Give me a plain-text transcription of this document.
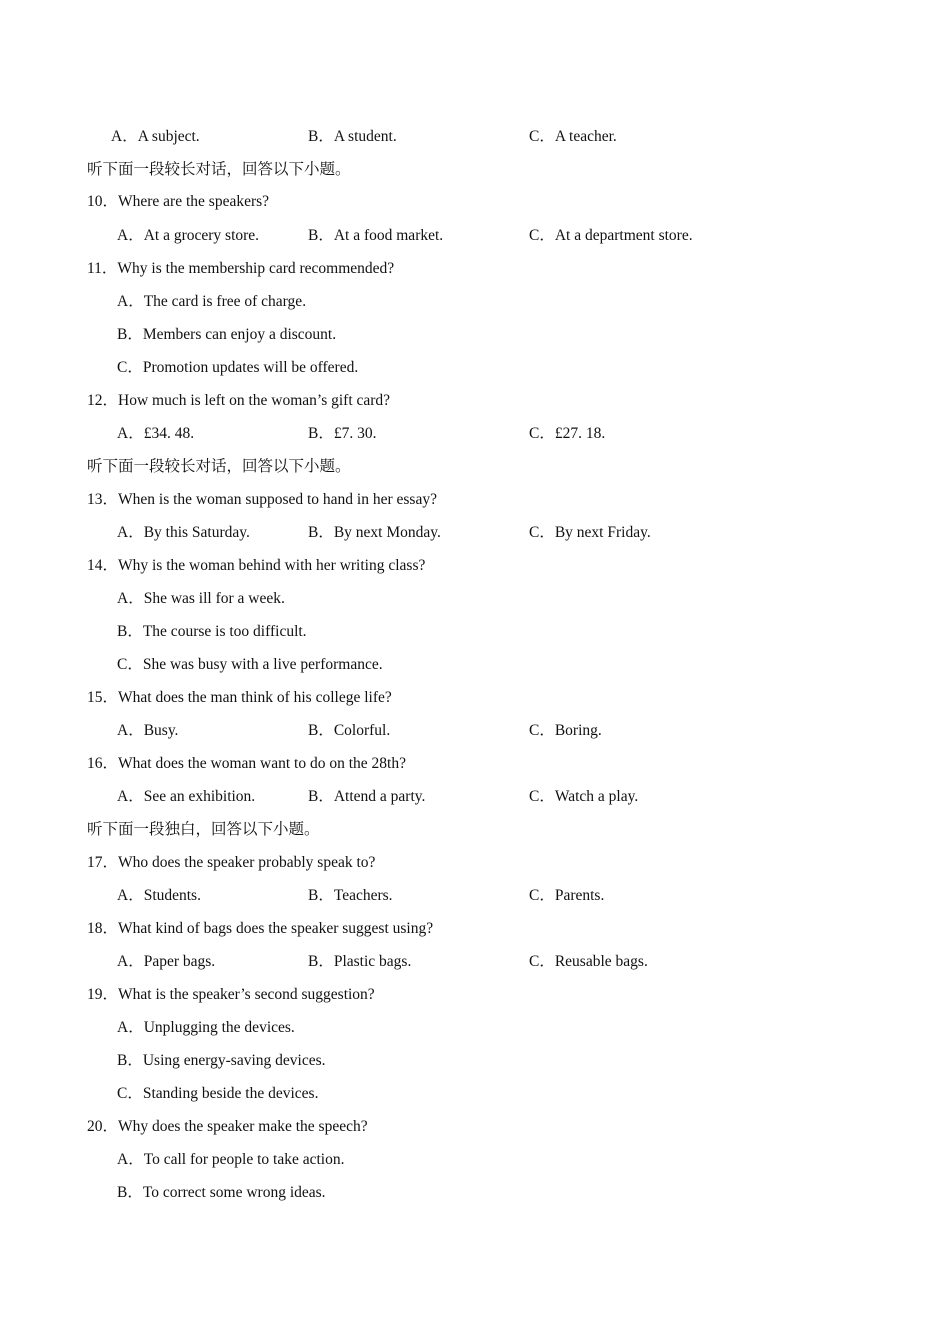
A．A subject.	B．A student.	C．A teacher.
听下面一段较长对话，回答以下小题。
10．Where are the speakers?
A．At a grocery store.	B．At a food market.	C．At a department store.
11．Why is the membership card recommended?
A．The card is free of charge.
B．Members can enjoy a discount.
C．Promotion updates will be offered.
12．How much is left on the woman’s gift card?
A．£34. 48.	B．£7. 30.	C．£27. 18.
听下面一段较长对话，回答以下小题。
13．When is the woman supposed to hand in her essay?
A．By this Saturday.	B．By next Monday.	C．By next Friday.
14．Why is the woman behind with her writing class?
A．She was ill for a week.
B．The course is too difficult.
C．She was busy with a live performance.
15．What does the man think of his college life?
A．Busy.	B．Colorful.	C．Boring.
16．What does the woman want to do on the 28th?
A．See an exhibition.	B．Attend a party.	C．Watch a play.
听下面一段独白，回答以下小题。
17．Who does the speaker probably speak to?
A．Students.	B．Teachers.	C．Parents.
18．What kind of bags does the speaker suggest using?
A．Paper bags.	B．Plastic bags.	C．Reusable bags.
19．What is the speaker’s second suggestion?
A．Unplugging the devices.
B．Using energy-saving devices.
C．Standing beside the devices.
20．Why does the speaker make the speech?
A．To call for people to take action.
B．To correct some wrong ideas.
